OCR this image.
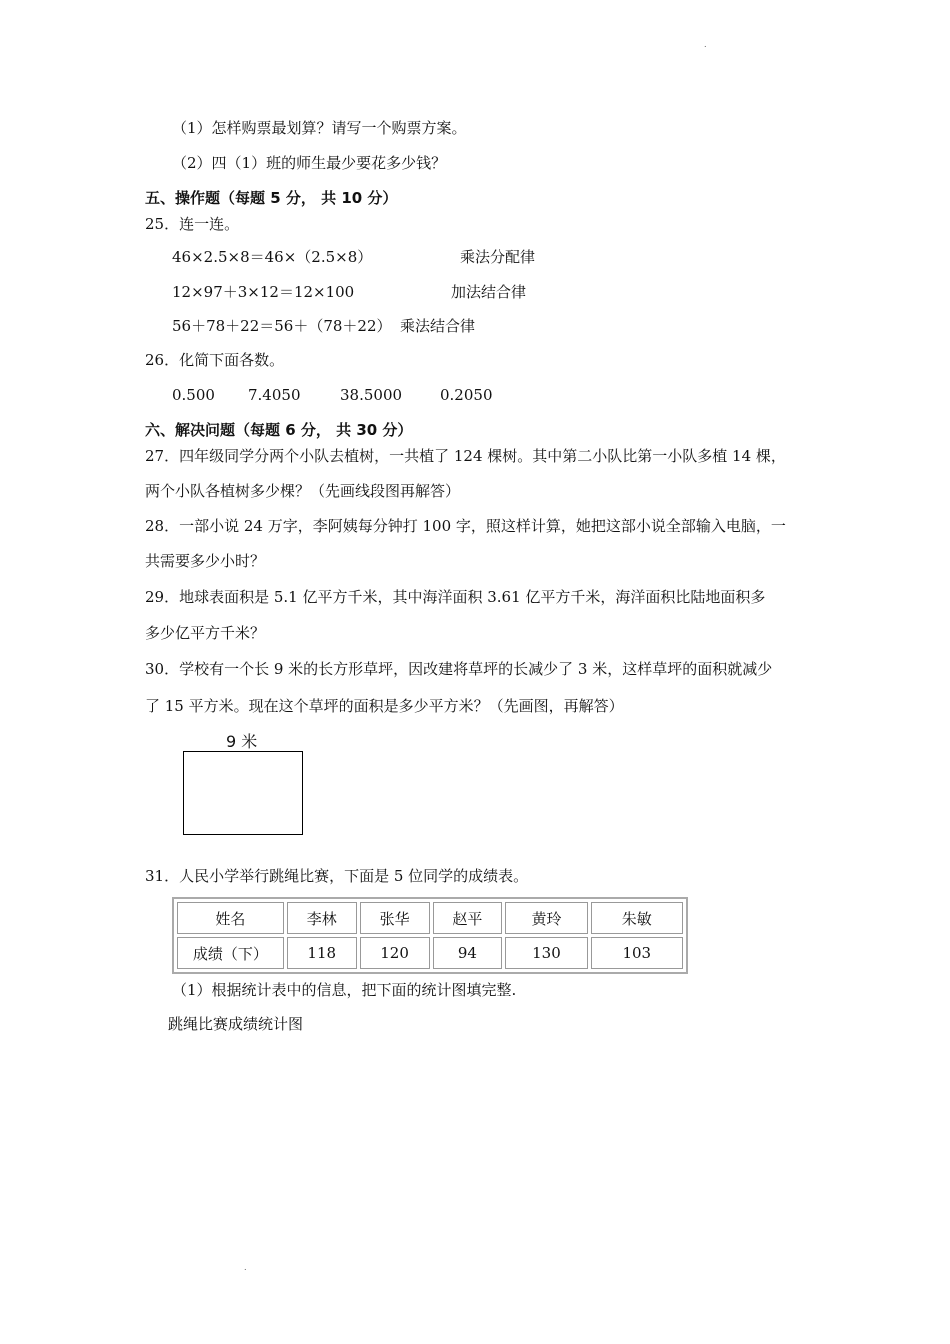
.
（1）怎样购票最划算？请写一个购票方案。
（2）四（1）班的师生最少要花多少钱？
五、操作题（每题 5 分， 共 10 分）
25．连一连。
46×2.5×8＝46×（2.5×8）	乘法分配律
12×97＋3×12＝12×100	加法结合律
56＋78＋22＝56＋（78＋22） 乘法结合律
26．化简下面各数。
0.500 7.4050	38.5000	0.2050
六、解决问题（每题 6 分， 共 30 分）
27．四年级同学分两个小队去植树，一共植了 124 棵树。其中第二小队比第一小队多植 14 棵，
两个小队各植树多少棵？（先画线段图再解答）
28．一部小说 24 万字，李阿姨每分钟打 100 字，照这样计算，她把这部小说全部输入电脑，一
共需要多少小时？
29．地球表面积是 5.1 亿平方千米，其中海洋面积 3.61 亿平方千米，海洋面积比陆地面积多
多少亿平方千米？
30．学校有一个长 9 米的长方形草坪，因改建将草坪的长减少了 3 米，这样草坪的面积就减少
了 15 平方米。现在这个草坪的面积是多少平方米？（先画图，再解答）
9 米
31．人民小学举行跳绳比赛，下面是 5 位同学的成绩表。
姓名	李林	张华	赵平	黄玲	朱敏
成绩（下）	118	120	94	130	103
（1）根据统计表中的信息，把下面的统计图填完整.
跳绳比赛成绩统计图
.
